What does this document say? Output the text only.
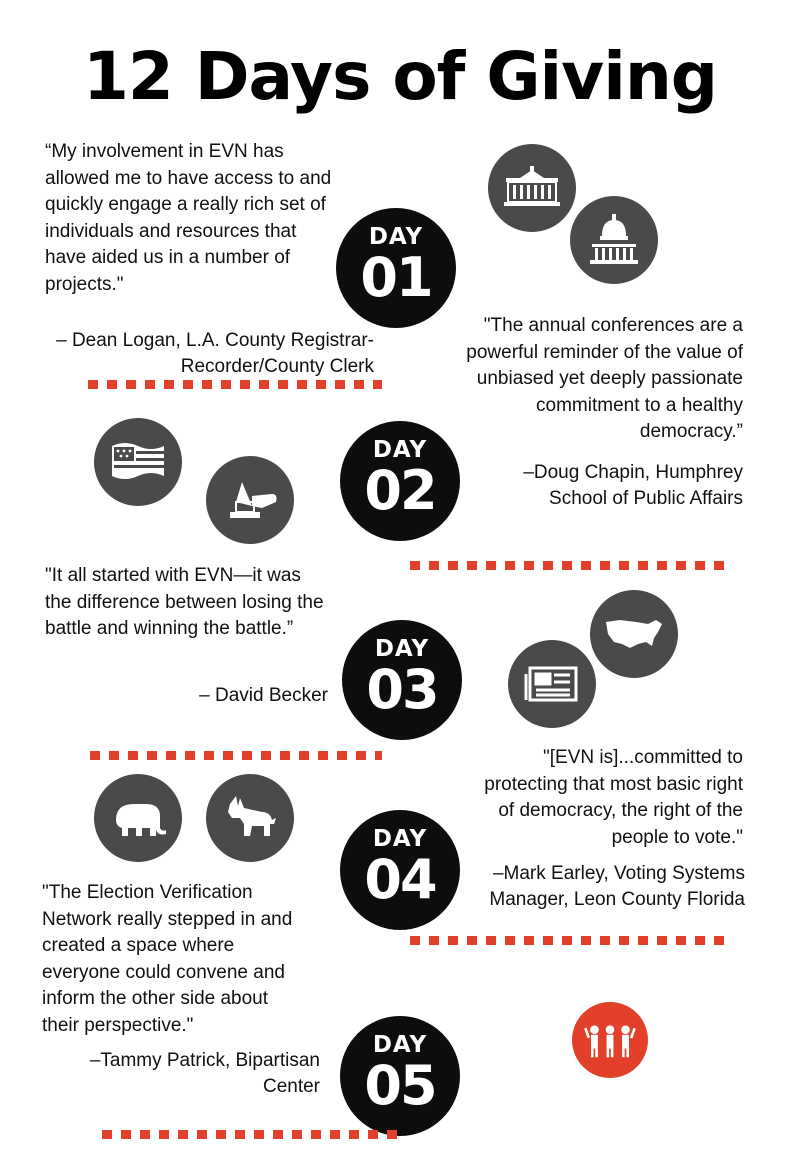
12 Days of Giving
“My involvement in EVN has allowed me to have access to and quickly engage a really rich set of individuals and resources that have aided us in a number of projects."
– Dean Logan, L.A. County Registrar-Recorder/County Clerk
DAY
01
"The annual conferences are a powerful reminder of the value of unbiased yet deeply passionate commitment to a healthy democracy.”
–Doug Chapin, Humphrey School of Public Affairs
DAY
02
"It all started with EVN—it was the difference between losing the battle and winning the battle.”
– David Becker
DAY
03
"[EVN is]...committed to protecting that most basic right of democracy, the right of the people to vote."
–Mark Earley, Voting Systems Manager, Leon County Florida
DAY
04
"The Election Verification Network really stepped in and created a space where everyone could convene and inform the other side about their perspective."
–Tammy Patrick, Bipartisan Center
DAY
05
